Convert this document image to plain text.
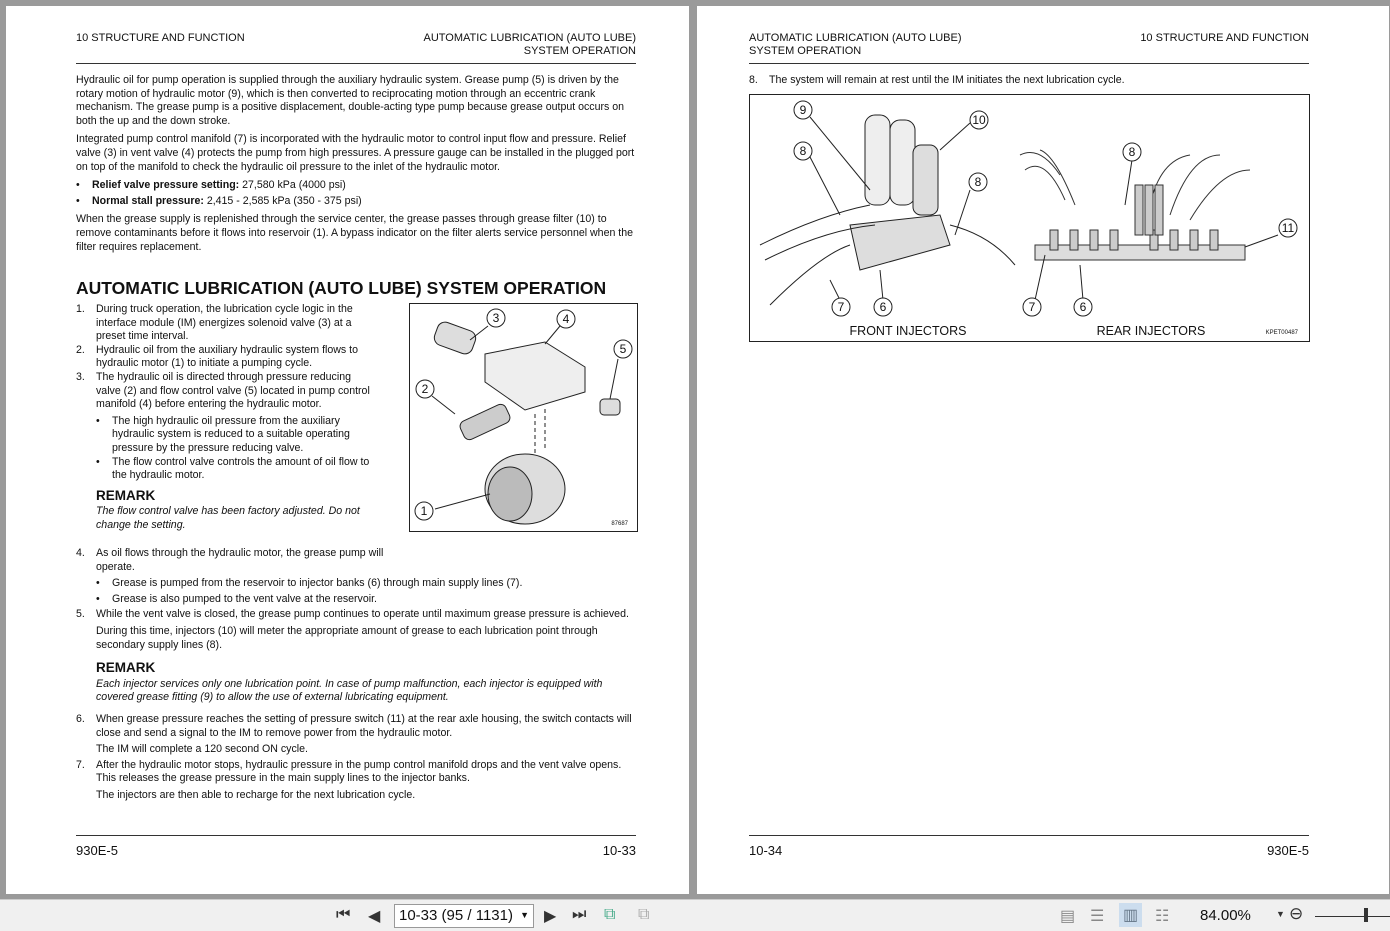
10 STRUCTURE AND FUNCTION	AUTOMATIC LUBRICATION (AUTO LUBE)
SYSTEM OPERATION

Hydraulic oil for pump operation is supplied through the auxiliary hydraulic system. Grease pump (5) is driven by the rotary motion of hydraulic motor (9), which is then converted to reciprocating motion through an eccentric crank mechanism. The grease pump is a positive displacement, double-acting type pump because grease output occurs on both the up and the down stroke.

Integrated pump control manifold (7) is incorporated with the hydraulic motor to control input flow and pressure. Relief valve (3) in vent valve (4) protects the pump from high pressures. A pressure gauge can be installed in the plugged port on top of the manifold to check the hydraulic oil pressure to the inlet of the hydraulic motor.

•	Relief valve pressure setting: 27,580 kPa (4000 psi)
•	Normal stall pressure: 2,415 - 2,585 kPa (350 - 375 psi)

When the grease supply is replenished through the service center, the grease passes through grease filter (10) to remove contaminants before it flows into reservoir (1). A bypass indicator on the filter alerts service personnel when the filter requires replacement.

AUTOMATIC LUBRICATION (AUTO LUBE) SYSTEM OPERATION
1.	During truck operation, the lubrication cycle logic in the interface module (IM) energizes solenoid valve (3) at a preset time interval.
2.	Hydraulic oil from the auxiliary hydraulic system flows to hydraulic motor (1) to initiate a pumping cycle.
3.	The hydraulic oil is directed through pressure reducing valve (2) and flow control valve (5) located in pump control manifold (4) before entering the hydraulic motor.
•	The high hydraulic oil pressure from the auxiliary hydraulic system is reduced to a suitable operating pressure by the pressure reducing valve.
•	The flow control valve controls the amount of oil flow to the hydraulic motor.
REMARK
The flow control valve has been factory adjusted. Do not change the setting.
4.	As oil flows through the hydraulic motor, the grease pump will operate.
•	Grease is pumped from the reservoir to injector banks (6) through main supply lines (7).
•	Grease is also pumped to the vent valve at the reservoir.
5.	While the vent valve is closed, the grease pump continues to operate until maximum grease pressure is achieved.
During this time, injectors (10) will meter the appropriate amount of grease to each lubrication point through secondary supply lines (8).
REMARK
Each injector services only one lubrication point. In case of pump malfunction, each injector is equipped with covered grease fitting (9) to allow the use of external lubricating equipment.
6.	When grease pressure reaches the setting of pressure switch (11) at the rear axle housing, the switch contacts will close and send a signal to the IM to remove power from the hydraulic motor.
The IM will complete a 120 second ON cycle.
7.	After the hydraulic motor stops, hydraulic pressure in the pump control manifold drops and the vent valve opens. This releases the grease pressure in the main supply lines to the injector banks.
The injectors are then able to recharge for the next lubrication cycle.
1
2
3	4
5
87687
930E-5	10-33
AUTOMATIC LUBRICATION (AUTO LUBE)
SYSTEM OPERATION
10 STRUCTURE AND FUNCTION
8.	The system will remain at rest until the IM initiates the next lubrication cycle.
9
10
8
8
7	6
8
11
7	6
FRONT INJECTORS	REAR INJECTORS	KPET00487
10-34	930E-5
⏮ ◀	10-33 (95 / 1131) ▼ ▶ ⏭ ⧉ ⧉	▤ ☰ ▥ ☷ 84.00%	▼ ⊖
